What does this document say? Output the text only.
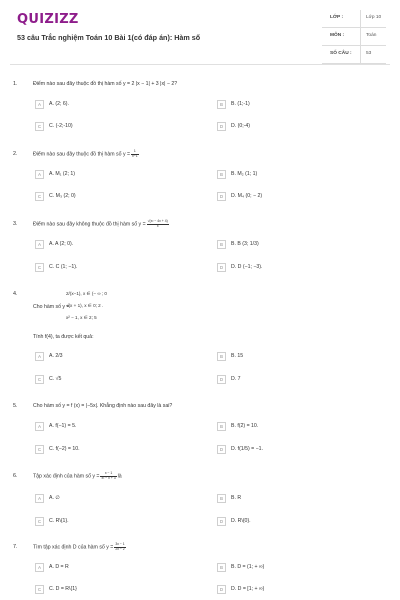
QUIZIZZ
53 câu Trắc nghiệm Toán 10 Bài 1(có đáp án): Hàm số
LỚP :	Lớp 10
MÔN :	Toán
SỐ CÂU :	53
1.	Điểm nào sau đây thuộc đồ thị hàm số y = 2 |x − 1| + 3 |x| − 2?
A	A. (2; 6).	B	B. (1;-1)
C	C. (-2;-10)	D	D. (0;-4)
2.	Điểm nào sau đây thuộc đồ thị hàm số $y = \frac{1}{x-1}$
A	A. M₁ (2; 1)	B	B. M₂ (1; 1)
C	C. M₃ (2; 0)	D	D. M₄ (0; − 2)
3.	Điểm nào sau đây không thuộc đồ thị hàm số $y = \frac{\text{√(x² − 4x + 4)}}{x}$
A	A. A (2; 0).	B	B. B (3; 1/3)
C	C. C (1; −1).	D	D. D (−1; −3).
4.
Cho hàm số y =
2/(x−1), x ∈ (− ∞ ; 0
√(x + 1), x ∈ 0; 2 .
x² − 1, x ∈ 2; 5
Tính f(4), ta được kết quả:
A	A. 2/3	B	B. 15
C	C. √5	D	D. 7
5.	Cho hàm số y = f (x) = |−5x|. Khẳng định nào sau đây là sai?
A	A. f(−1) = 5.	B	B. f(2) = 10.
C	C. f(−2) = 10.	D	D. f(1/5) = −1.
6.	Tập xác định của hàm số $y = \frac{x - 1}{\text{x² − x + 3}}$ là
A	A. ∅	B	B. R
C	C. R\{1}.	D	D. R\{0}.
7.	Tìm tập xác định D của hàm số $y = \frac{3x - 1}{2x - 2}$
A	A. D = R	B	B. D = (1; + ∞)
C	C. D = R\{1}	D	D. D = [1; + ∞)
